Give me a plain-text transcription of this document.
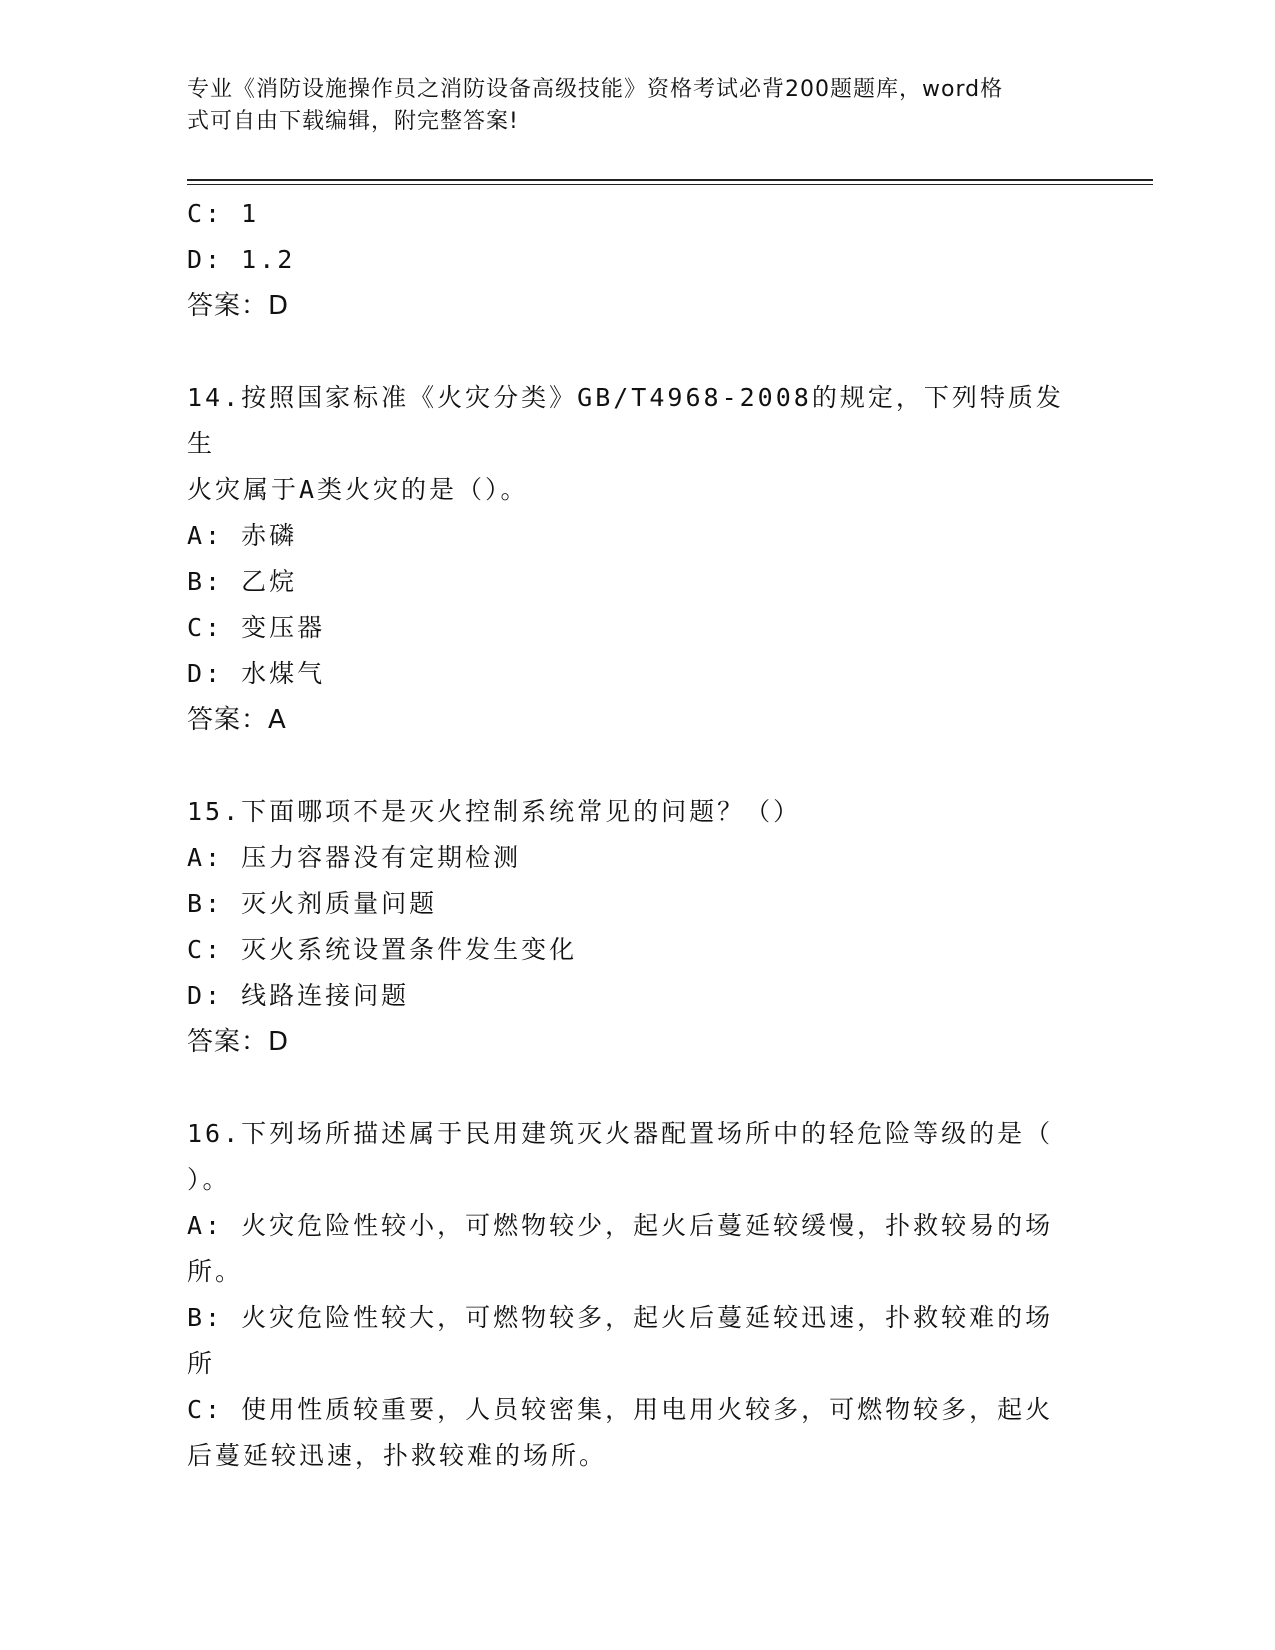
专业《消防设施操作员之消防设备高级技能》资格考试必背200题题库，word格
式可自由下载编辑，附完整答案!
C: 1
D: 1.2
答案：D
14.按照国家标准《火灾分类》GB/T4968-2008的规定，下列特质发生
火灾属于A类火灾的是（）。
A: 赤磷
B: 乙烷
C: 变压器
D: 水煤气
答案：A
15.下面哪项不是灭火控制系统常见的问题？（）
A: 压力容器没有定期检测
B: 灭火剂质量问题
C: 灭火系统设置条件发生变化
D: 线路连接问题
答案：D
16.下列场所描述属于民用建筑灭火器配置场所中的轻危险等级的是（
）。
A: 火灾危险性较小，可燃物较少，起火后蔓延较缓慢，扑救较易的场
所。
B: 火灾危险性较大，可燃物较多，起火后蔓延较迅速，扑救较难的场
所
C: 使用性质较重要，人员较密集，用电用火较多，可燃物较多，起火
后蔓延较迅速，扑救较难的场所。
